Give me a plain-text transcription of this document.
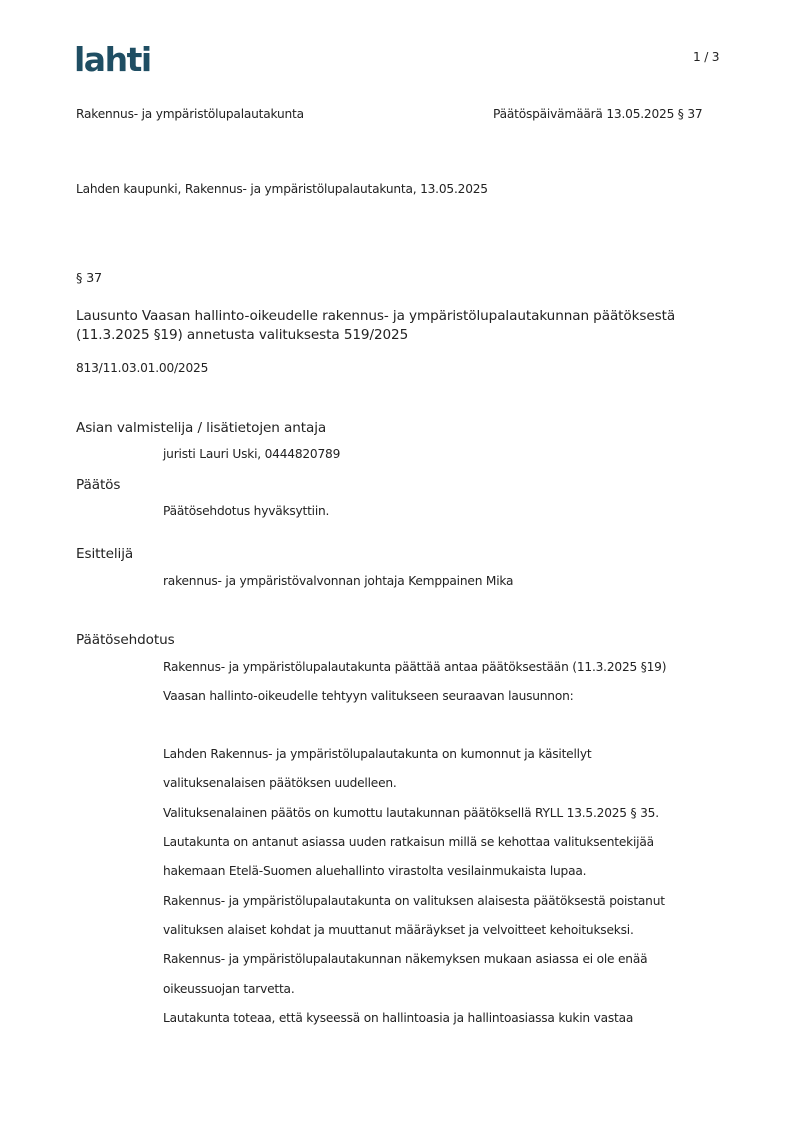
lahti	1 / 3
Rakennus- ja ympäristölupalautakunta	Päätöspäivämäärä 13.05.2025 § 37
Lahden kaupunki, Rakennus- ja ympäristölupalautakunta, 13.05.2025
§ 37
Lausunto Vaasan hallinto-oikeudelle rakennus- ja ympäristölupalautakunnan päätöksestä
(11.3.2025 §19) annetusta valituksesta 519/2025
813/11.03.01.00/2025
Asian valmistelija / lisätietojen antaja
juristi Lauri Uski, 0444820789
Päätös
Päätösehdotus hyväksyttiin.
Esittelijä
rakennus- ja ympäristövalvonnan johtaja Kemppainen Mika
Päätösehdotus
Rakennus- ja ympäristölupalautakunta päättää antaa päätöksestään (11.3.2025 §19)
Vaasan hallinto-oikeudelle tehtyyn valitukseen seuraavan lausunnon:
Lahden Rakennus- ja ympäristölupalautakunta on kumonnut ja käsitellyt
valituksenalaisen päätöksen uudelleen.
Valituksenalainen päätös on kumottu lautakunnan päätöksellä RYLL 13.5.2025 § 35.
Lautakunta on antanut asiassa uuden ratkaisun millä se kehottaa valituksentekijää
hakemaan Etelä-Suomen aluehallinto virastolta vesilainmukaista lupaa.
Rakennus- ja ympäristölupalautakunta on valituksen alaisesta päätöksestä poistanut
valituksen alaiset kohdat ja muuttanut määräykset ja velvoitteet kehoitukseksi.
Rakennus- ja ympäristölupalautakunnan näkemyksen mukaan asiassa ei ole enää
oikeussuojan tarvetta.
Lautakunta toteaa, että kyseessä on hallintoasia ja hallintoasiassa kukin vastaa
